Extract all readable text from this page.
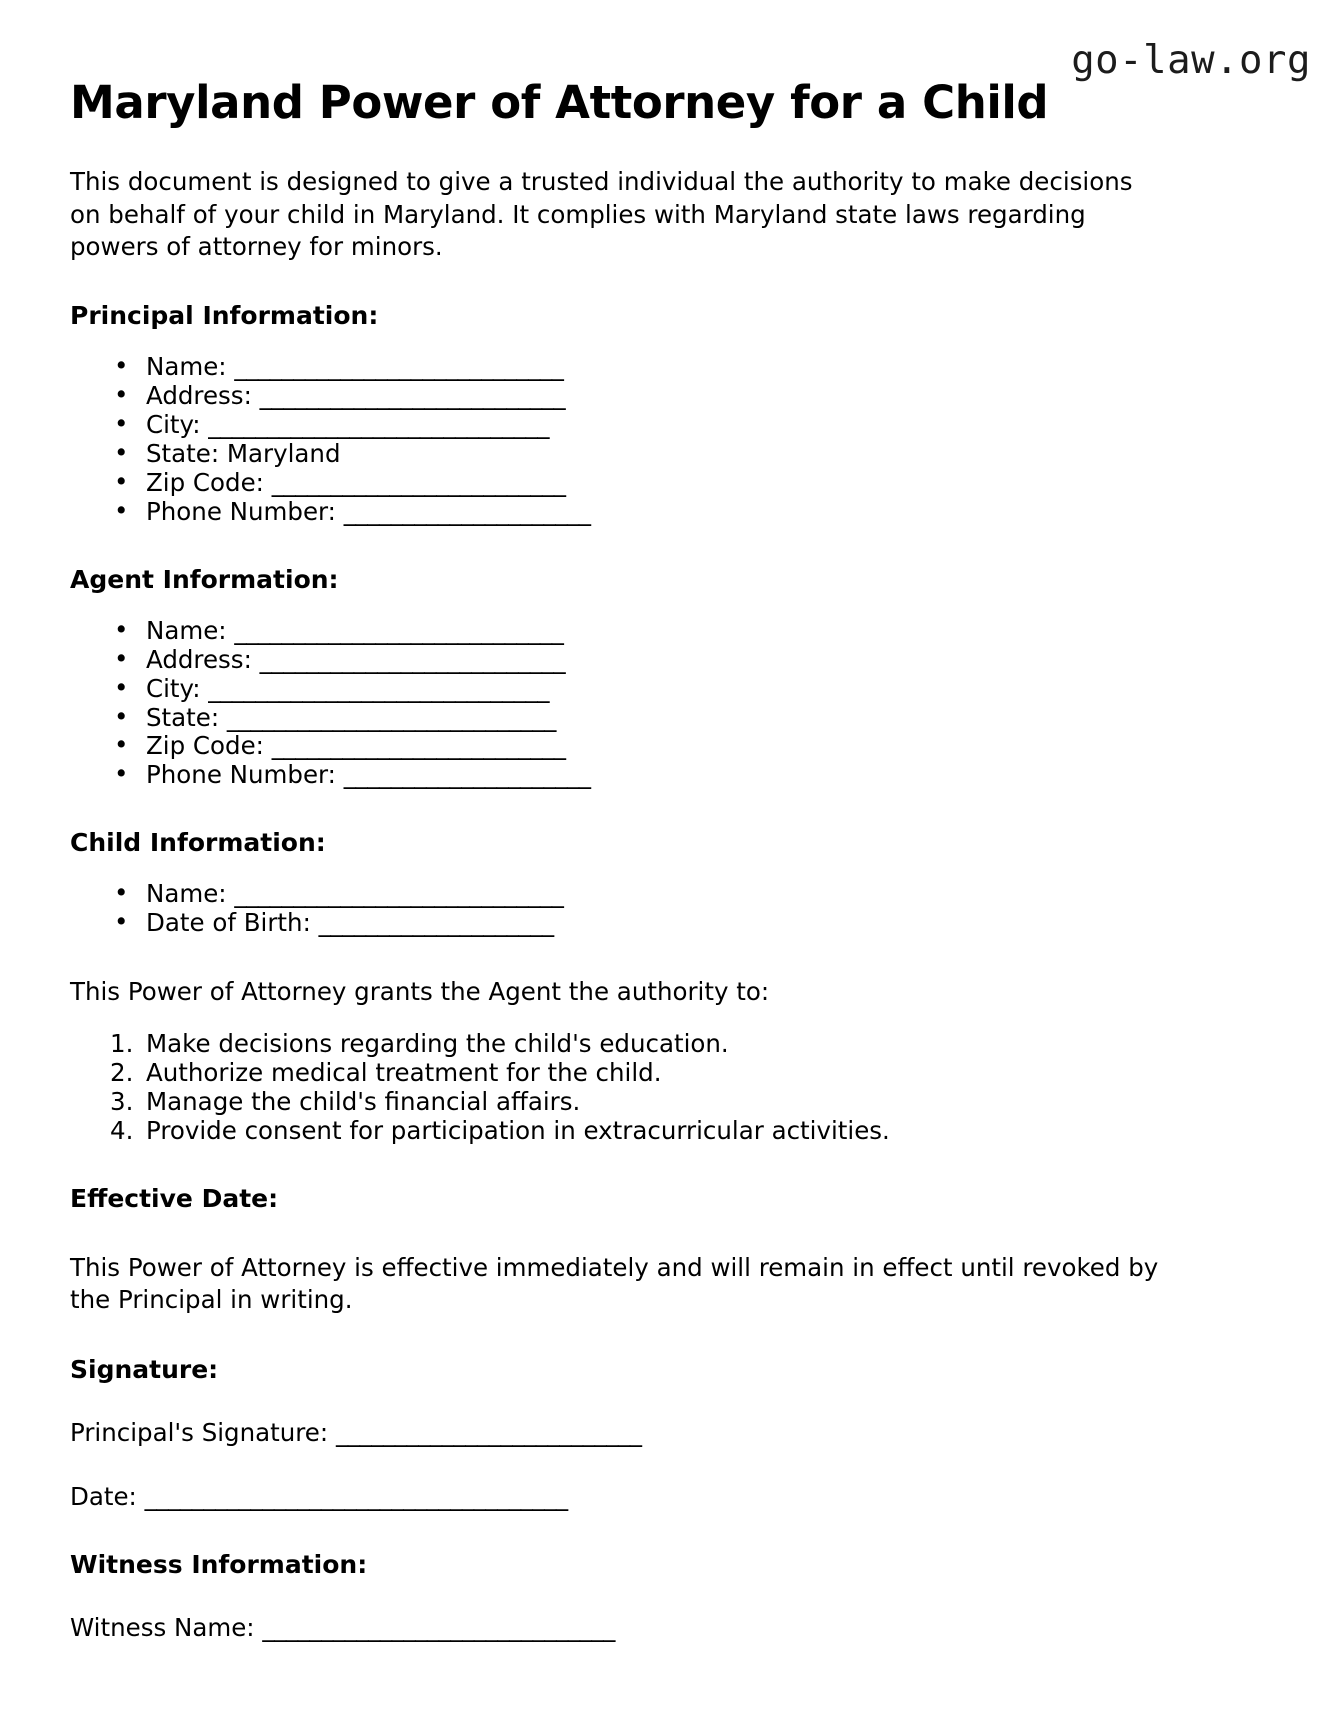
go-law.org
Maryland Power of Attorney for a Child

This document is designed to give a trusted individual the authority to make decisions on behalf of your child in Maryland. It complies with Maryland state laws regarding powers of attorney for minors.

Principal Information:
• Name: ____________________________
• Address: __________________________
• City: _____________________________
• State: Maryland
• Zip Code: _________________________
• Phone Number: _____________________
Agent Information:
• Name: ____________________________
• Address: __________________________
• City: _____________________________
• State: ____________________________
• Zip Code: _________________________
• Phone Number: _____________________
Child Information:
• Name: ____________________________
• Date of Birth: ____________________

This Power of Attorney grants the Agent the authority to:

Make decisions regarding the child's education.
Authorize medical treatment for the child.
Manage the child's financial affairs.
Provide consent for participation in extracurricular activities.
Effective Date:

This Power of Attorney is effective immediately and will remain in effect until revoked by the Principal in writing.

Signature:

Principal's Signature: __________________________

Date: ____________________________________

Witness Information:

Witness Name: ______________________________
